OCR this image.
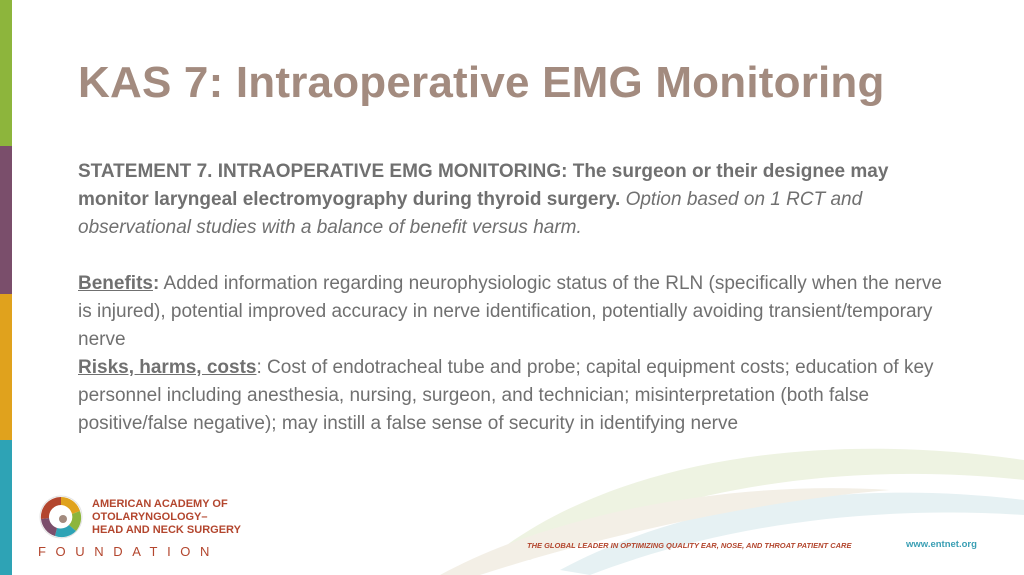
KAS 7: Intraoperative EMG Monitoring

STATEMENT 7. INTRAOPERATIVE EMG MONITORING: The surgeon or their designee may monitor laryngeal electromyography during thyroid surgery. Option based on 1 RCT and observational studies with a balance of benefit versus harm.

Benefits: Added information regarding neurophysiologic status of the RLN (specifically when the nerve is injured), potential improved accuracy in nerve identification, potentially avoiding transient/temporary nerve

Risks, harms, costs: Cost of endotracheal tube and probe; capital equipment costs; education of key personnel including anesthesia, nursing, surgeon, and technician; misinterpretation (both false positive/false negative); may instill a false sense of security in identifying nerve

AMERICAN ACADEMY OF
OTOLARYNGOLOGY–
HEAD AND NECK SURGERY
FOUNDATION	THE GLOBAL LEADER IN OPTIMIZING QUALITY EAR, NOSE, AND THROAT PATIENT CARE	www.entnet.org
